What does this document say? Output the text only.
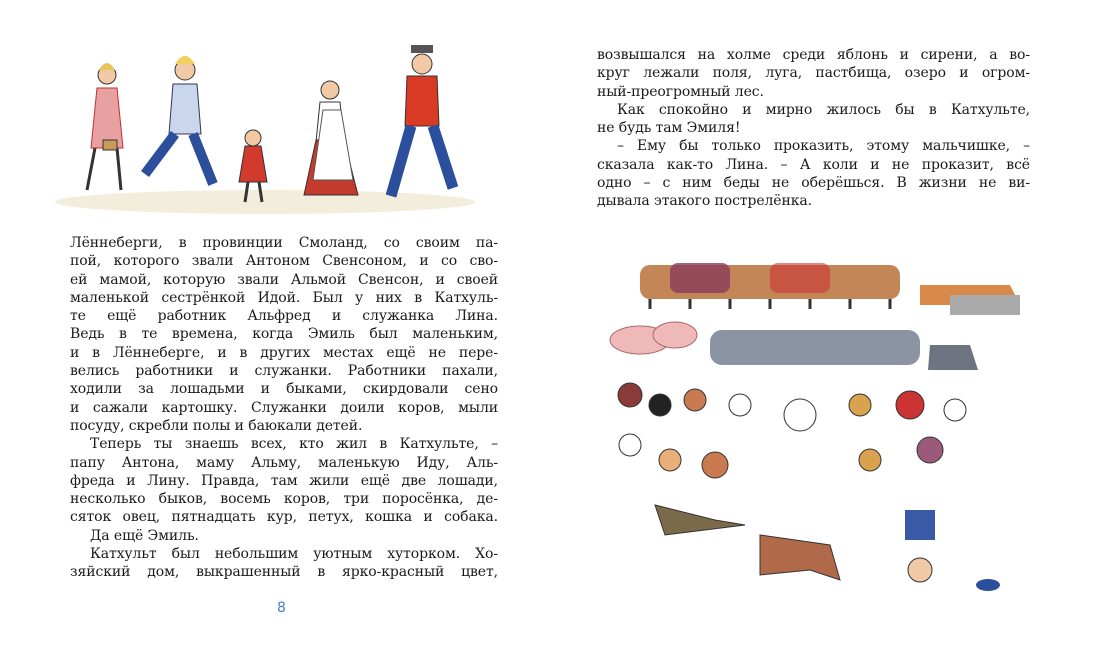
Лённеберги, в провинции Смоланд, со своим па-
пой, которого звали Антоном Свенсоном, и со сво-
ей мамой, которую звали Альмой Свенсон, и своей
маленькой сестрёнкой Идой. Был у них в Катхуль-
те ещё работник Альфред и служанка Лина.
Ведь в те времена, когда Эмиль был маленьким,
и в Лённеберге, и в других местах ещё не пере-
велись работники и служанки. Работники пахали,
ходили за лошадьми и быками, скирдовали сено
и сажали картошку. Служанки доили коров, мыли
посуду, скребли полы и баюкали детей.
Теперь ты знаешь всех, кто жил в Катхульте, –
папу Антона, маму Альму, маленькую Иду, Аль-
фреда и Лину. Правда, там жили ещё две лошади,
несколько быков, восемь коров, три поросёнка, де-
сяток овец, пятнадцать кур, петух, кошка и собака.
Да ещё Эмиль.
Катхульт был небольшим уютным хуторком. Хо-
зяйский дом, выкрашенный в ярко-красный цвет,
возвышался на холме среди яблонь и сирени, а во-
круг лежали поля, луга, пастбища, озеро и огром-
ный-преогромный лес.
Как спокойно и мирно жилось бы в Катхульте,
не будь там Эмиля!
– Ему бы только проказить, этому мальчишке, –
сказала как-то Лина. – А коли и не проказит, всё
одно – с ним беды не оберёшься. В жизни не ви-
дывала этакого пострелёнка.
8
